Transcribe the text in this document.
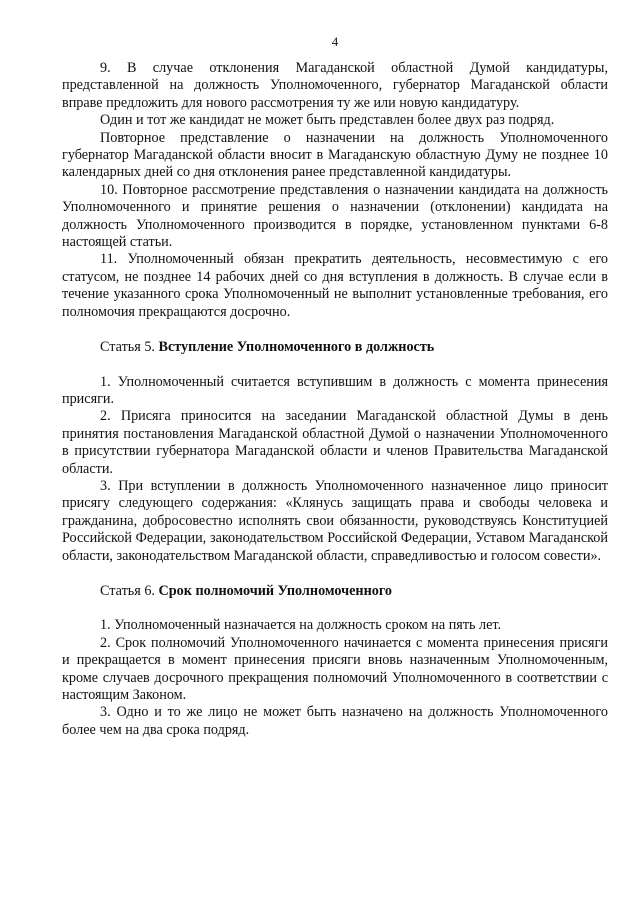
4

9. В случае отклонения Магаданской областной Думой кандидатуры, представленной на должность Уполномоченного, губернатор Магаданской области вправе предложить для нового рассмотрения ту же или новую кандидатуру.

Один и тот же кандидат не может быть представлен более двух раз подряд.

Повторное представление о назначении на должность Уполномоченного губернатор Магаданской области вносит в Магаданскую областную Думу не позднее 10 календарных дней со дня отклонения ранее представленной кандидатуры.

10. Повторное рассмотрение представления о назначении кандидата на должность Уполномоченного и принятие решения о назначении (отклонении) кандидата на должность Уполномоченного производится в порядке, установленном пунктами 6-8 настоящей статьи.

11. Уполномоченный обязан прекратить деятельность, несовместимую с его статусом, не позднее 14 рабочих дней со дня вступления в должность. В случае если в течение указанного срока Уполномоченный не выполнит установленные требования, его полномочия прекращаются досрочно.

Статья 5. Вступление Уполномоченного в должность

1. Уполномоченный считается вступившим в должность с момента принесения присяги.

2. Присяга приносится на заседании Магаданской областной Думы в день принятия постановления Магаданской областной Думой о назначении Уполномоченного в присутствии губернатора Магаданской области и членов Правительства Магаданской области.

3. При вступлении в должность Уполномоченного назначенное лицо приносит присягу следующего содержания: «Клянусь защищать права и свободы человека и гражданина, добросовестно исполнять свои обязанности, руководствуясь Конституцией Российской Федерации, законодательством Российской Федерации, Уставом Магаданской области, законодательством Магаданской области, справедливостью и голосом совести».

Статья 6. Срок полномочий Уполномоченного

1. Уполномоченный назначается на должность сроком на пять лет.

2. Срок полномочий Уполномоченного начинается с момента принесения присяги и прекращается в момент принесения присяги вновь назначенным Уполномоченным, кроме случаев досрочного прекращения полномочий Уполномоченного в соответствии с настоящим Законом.

3. Одно и то же лицо не может быть назначено на должность Уполномоченного более чем на два срока подряд.
